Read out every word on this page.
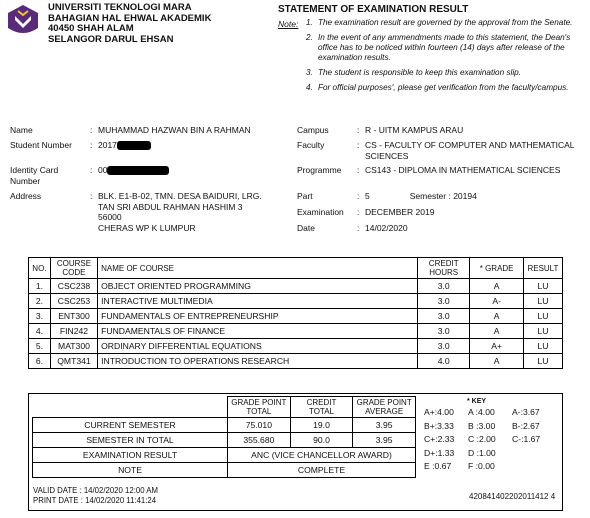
UNIVERSITI TEKNOLOGI MARA
BAHAGIAN HAL EHWAL AKADEMIK
40450 SHAH ALAM
SELANGOR DARUL EHSAN
STATEMENT OF EXAMINATION RESULT
Note: 1. The examination result are governed by the approval from the Senate.
2. In the event of any ammendments made to this statement, the Dean's office has to be noticed within fourteen (14) days after release of the examination results.
3. The student is responsible to keep this examination slip.
4. For official purposes', please get verification from the faculty/campus.
Name	:	MUHAMMAD HAZWAN BIN A RAHMAN
Student Number	:	2017
Identity Card Number	:	00
Address	:	BLK. E1-B-02, TMN. DESA BAIDURI, LRG.
TAN SRI ABDUL RAHMAN HASHIM 3
56000
CHERAS WP K LUMPUR
Campus	:	R - UITM KAMPUS ARAU
Faculty	:	CS - FACULTY OF COMPUTER AND MATHEMATICAL SCIENCES
Programme	:	CS143 - DIPLOMA IN MATHEMATICAL SCIENCES
Part	:	5 Semester : 20194
Examination	:	DECEMBER 2019
Date	:	14/02/2020
NO.	COURSE CODE	NAME OF COURSE	CREDIT HOURS	* GRADE	RESULT
1.	CSC238	OBJECT ORIENTED PROGRAMMING	3.0	A	LU
2.	CSC253	INTERACTIVE MULTIMEDIA	3.0	A-	LU
3.	ENT300	FUNDAMENTALS OF ENTREPRENEURSHIP	3.0	A	LU
4.	FIN242	FUNDAMENTALS OF FINANCE	3.0	A	LU
5.	MAT300	ORDINARY DIFFERENTIAL EQUATIONS	3.0	A+	LU
6.	QMT341	INTRODUCTION TO OPERATIONS RESEARCH	4.0	A	LU
	GRADE POINT TOTAL	CREDIT TOTAL	GRADE POINT AVERAGE
CURRENT SEMESTER	75.010	19.0	3.95
SEMESTER IN TOTAL	355.680	90.0	3.95
EXAMINATION RESULT	ANC (VICE CHANCELLOR AWARD)		
NOTE	COMPLETE		
* KEY
A+:4.00	A :4.00	A-:3.67
B+:3.33	B :3.00	B-:2.67
C+:2.33	C :2.00	C-:1.67
D+:1.33	D :1.00	
E :0.67	F :0.00	
VALID DATE : 14/02/2020 12:00 AM
PRINT DATE : 14/02/2020 11:41:24	420841402202011412 4
